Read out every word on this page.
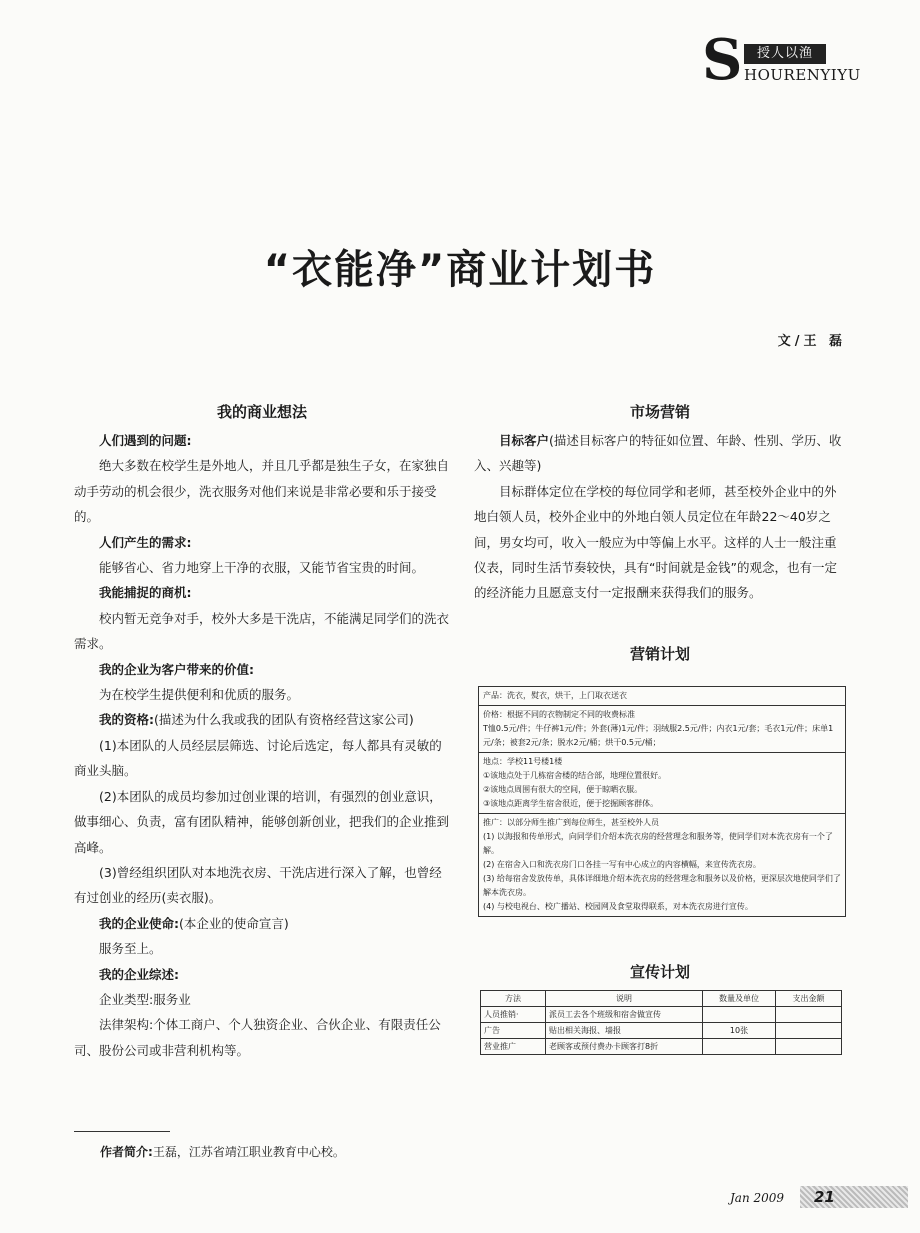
S	授人以渔
HOURENYIYU
“衣能净”商业计划书
文/王 磊
我的商业想法

人们遇到的问题:

绝大多数在校学生是外地人，并且几乎都是独生子女，在家独自动手劳动的机会很少，洗衣服务对他们来说是非常必要和乐于接受的。

人们产生的需求:

能够省心、省力地穿上干净的衣服，又能节省宝贵的时间。

我能捕捉的商机:

校内暂无竞争对手，校外大多是干洗店，不能满足同学们的洗衣需求。

我的企业为客户带来的价值:

为在校学生提供便利和优质的服务。

我的资格:(描述为什么我或我的团队有资格经营这家公司)

(1)本团队的人员经层层筛选、讨论后选定，每人都具有灵敏的商业头脑。

(2)本团队的成员均参加过创业课的培训，有强烈的创业意识，做事细心、负责，富有团队精神，能够创新创业，把我们的企业推到高峰。

(3)曾经组织团队对本地洗衣房、干洗店进行深入了解，也曾经有过创业的经历(卖衣服)。

我的企业使命:(本企业的使命宣言)

服务至上。

我的企业综述:

企业类型:服务业

法律架构:个体工商户、个人独资企业、合伙企业、有限责任公司、股份公司或非营利机构等。

市场营销

目标客户(描述目标客户的特征如位置、年龄、性别、学历、收入、兴趣等)

目标群体定位在学校的每位同学和老师，甚至校外企业中的外地白领人员，校外企业中的外地白领人员定位在年龄22～40岁之间，男女均可，收入一般应为中等偏上水平。这样的人士一般注重仪表，同时生活节奏较快，具有“时间就是金钱”的观念，也有一定的经济能力且愿意支付一定报酬来获得我们的服务。

营销计划
产品：洗衣，熨衣，烘干，上门取衣送衣
价格：根据不同的衣物制定不同的收费标准
T恤0.5元/件；牛仔裤1元/件；外套(薄)1元/件；羽绒服2.5元/件；内衣1元/套；毛衣1元/件；床单1元/条；被套2元/条；脱水2元/桶；烘干0.5元/桶；
地点：学校11号楼1楼
①该地点处于几栋宿舍楼的结合部，地理位置很好。
②该地点周围有很大的空间，便于晾晒衣服。
③该地点距离学生宿舍很近，便于挖掘顾客群体。
推广：以部分师生推广到每位师生，甚至校外人员
(1) 以海报和传单形式，向同学们介绍本洗衣房的经营理念和服务等，使同学们对本洗衣房有一个了解。
(2) 在宿舍入口和洗衣房门口各挂一写有中心成立的内容横幅，来宣传洗衣房。
(3) 给每宿舍发放传单，具体详细地介绍本洗衣房的经营理念和服务以及价格，更深层次地使同学们了解本洗衣房。
(4) 与校电视台、校广播站、校园网及食堂取得联系，对本洗衣房进行宣传。
宣传计划
方法	说明	数量及单位	支出金额
人员推销·	派员工去各个班级和宿舍做宣传		
广告	贴出相关海报、墙报	10张	
营业推广	老顾客或预付费办卡顾客打8折		
作者简介:王磊，江苏省靖江职业教育中心校。
Jan 2009 21
